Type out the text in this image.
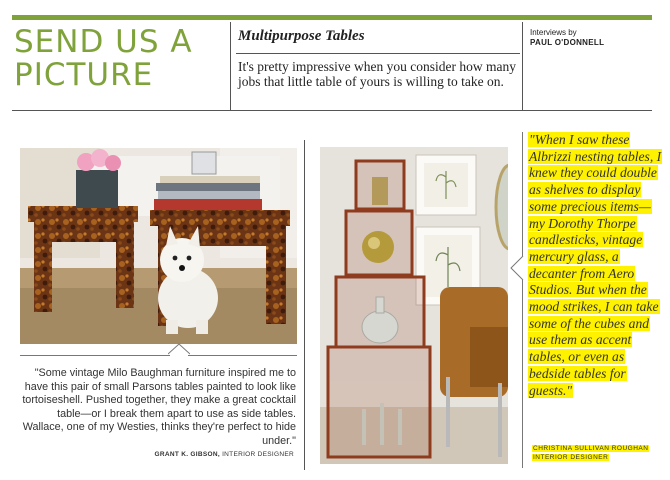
SEND US A PICTURE
Multipurpose Tables
It's pretty impressive when you consider how many jobs that little table of yours is willing to take on.
Interviews by
PAUL O'DONNELL
"Some vintage Milo Baughman furniture inspired me to have this pair of small Parsons tables painted to look like tortoiseshell. Pushed together, they make a great cocktail table—or I break them apart to use as side tables. Wallace, one of my Westies, thinks they're perfect to hide under."
GRANT K. GIBSON, INTERIOR DESIGNER
"When I saw these Albrizzi nesting tables, I knew they could double as shelves to display some precious items—my Dorothy Thorpe candlesticks, vintage mercury glass, a decanter from Aero Studios. But when the mood strikes, I can take some of the cubes and use them as accent tables, or even as bedside tables for guests."
CHRISTINA SULLIVAN ROUGHAN
INTERIOR DESIGNER
